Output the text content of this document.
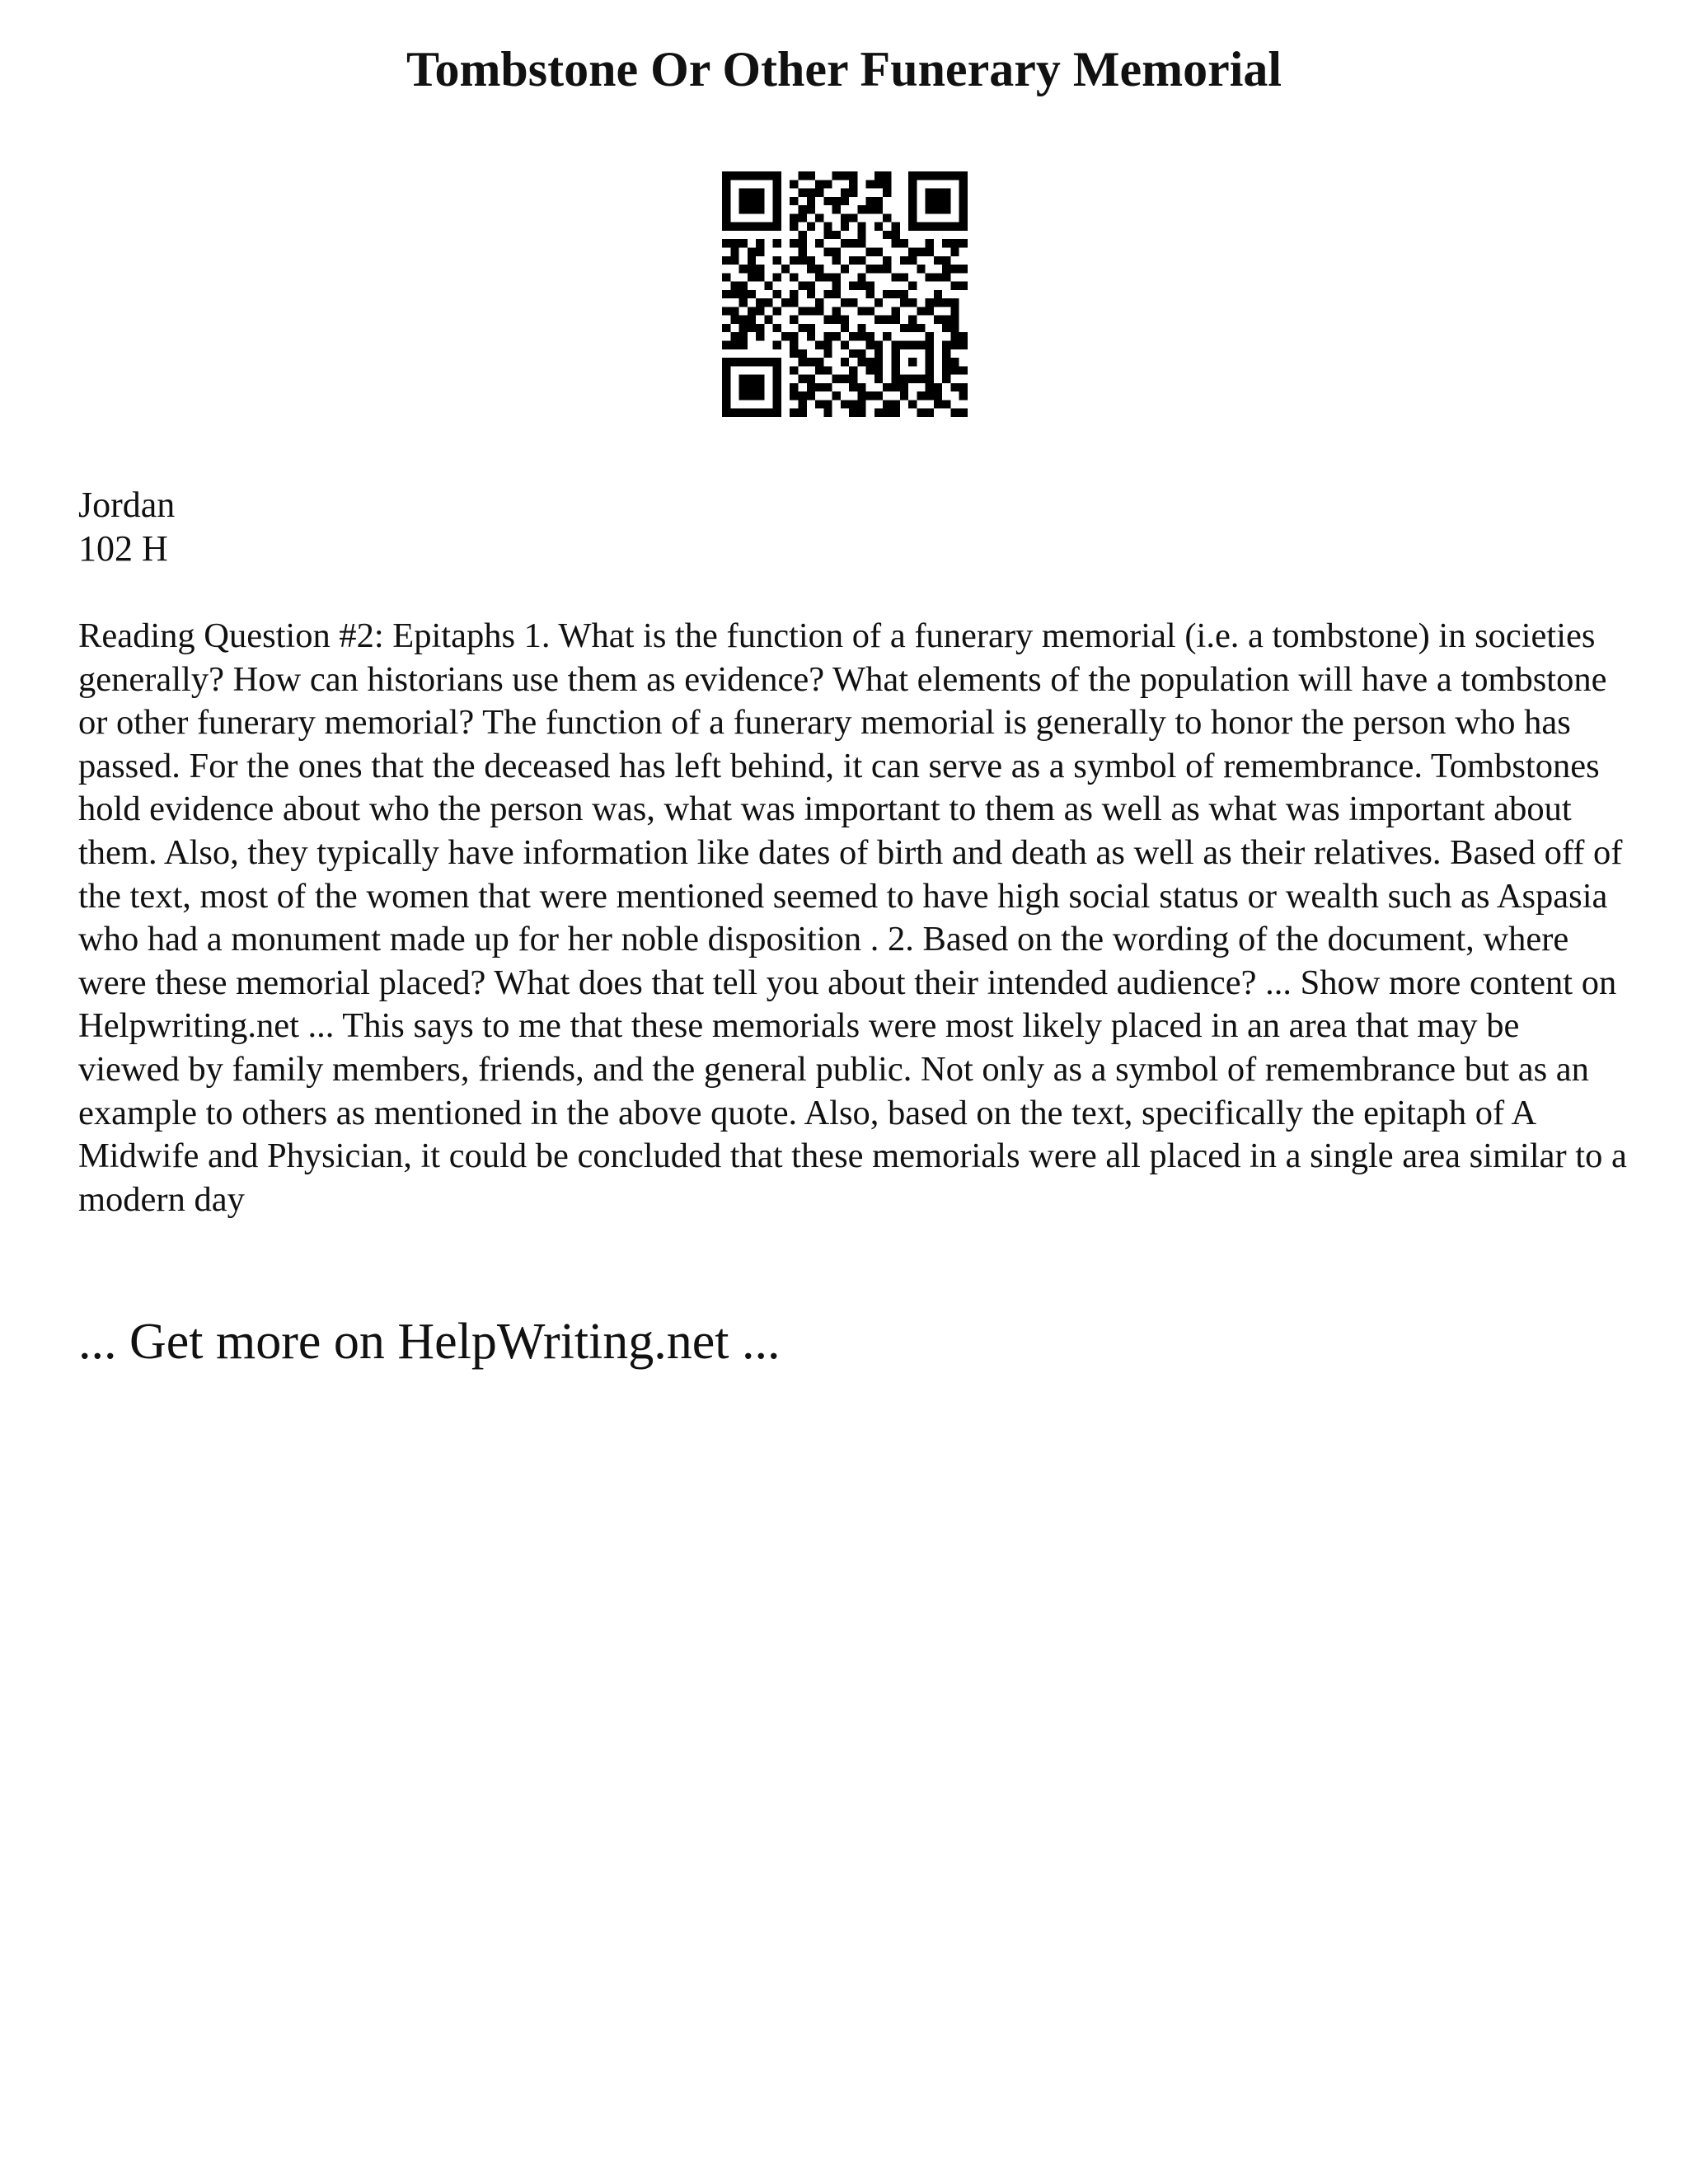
Tombstone Or Other Funerary Memorial
Jordan
102 H

Reading Question #2: Epitaphs 1. What is the function of a funerary memorial (i.e. a tombstone) in societies generally? How can historians use them as evidence? What elements of the population will have a tombstone or other funerary memorial? The function of a funerary memorial is generally to honor the person who has passed. For the ones that the deceased has left behind, it can serve as a symbol of remembrance. Tombstones hold evidence about who the person was, what was important to them as well as what was important about them. Also, they typically have information like dates of birth and death as well as their relatives. Based off of the text, most of the women that were mentioned seemed to have high social status or wealth such as Aspasia who had a monument made up for her noble disposition . 2. Based on the wording of the document, where were these memorial placed? What does that tell you about their intended audience? ... Show more content on Helpwriting.net ... This says to me that these memorials were most likely placed in an area that may be viewed by family members, friends, and the general public. Not only as a symbol of remembrance but as an example to others as mentioned in the above quote. Also, based on the text, specifically the epitaph of A Midwife and Physician, it could be concluded that these memorials were all placed in a single area similar to a modern day

... Get more on HelpWriting.net ...
